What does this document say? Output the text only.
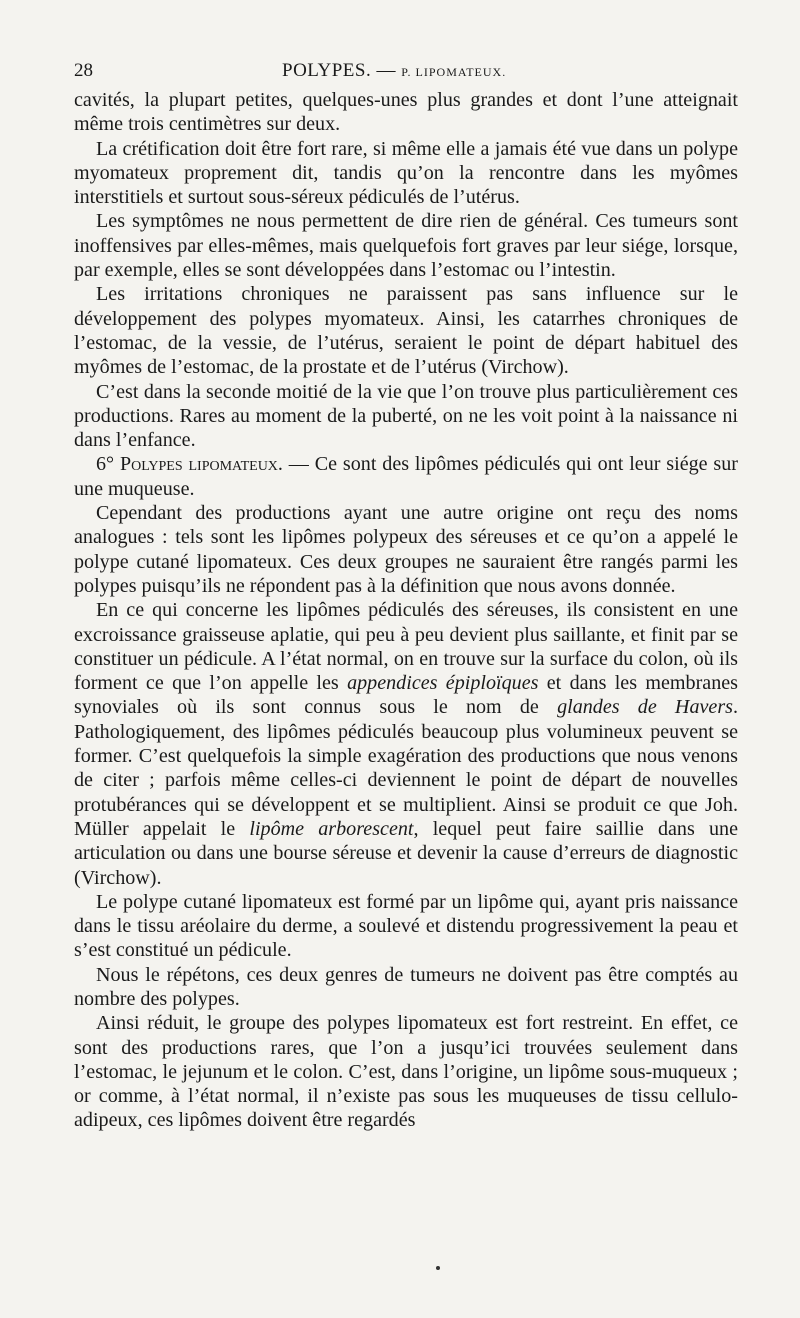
28	POLYPES. — P. LIPOMATEUX.

cavités, la plupart petites, quelques-unes plus grandes et dont l’une atteignait même trois centimètres sur deux.

La crétification doit être fort rare, si même elle a jamais été vue dans un polype myomateux proprement dit, tandis qu’on la rencontre dans les myômes interstitiels et surtout sous-séreux pédiculés de l’utérus.

Les symptômes ne nous permettent de dire rien de général. Ces tumeurs sont inoffensives par elles-mêmes, mais quelquefois fort graves par leur siége, lorsque, par exemple, elles se sont développées dans l’estomac ou l’intestin.

Les irritations chroniques ne paraissent pas sans influence sur le développement des polypes myomateux. Ainsi, les catarrhes chroniques de l’estomac, de la vessie, de l’utérus, seraient le point de départ habituel des myômes de l’estomac, de la prostate et de l’utérus (Virchow).

C’est dans la seconde moitié de la vie que l’on trouve plus particulièrement ces productions. Rares au moment de la puberté, on ne les voit point à la naissance ni dans l’enfance.

6° Polypes lipomateux. — Ce sont des lipômes pédiculés qui ont leur siége sur une muqueuse.

Cependant des productions ayant une autre origine ont reçu des noms analogues : tels sont les lipômes polypeux des séreuses et ce qu’on a appelé le polype cutané lipomateux. Ces deux groupes ne sauraient être rangés parmi les polypes puisqu’ils ne répondent pas à la définition que nous avons donnée.

En ce qui concerne les lipômes pédiculés des séreuses, ils consistent en une excroissance graisseuse aplatie, qui peu à peu devient plus saillante, et finit par se constituer un pédicule. A l’état normal, on en trouve sur la surface du colon, où ils forment ce que l’on appelle les appendices épiploïques et dans les membranes synoviales où ils sont connus sous le nom de glandes de Havers. Pathologiquement, des lipômes pédiculés beaucoup plus volumineux peuvent se former. C’est quelquefois la simple exagération des productions que nous venons de citer ; parfois même celles-ci deviennent le point de départ de nouvelles protubérances qui se développent et se multiplient. Ainsi se produit ce que Joh. Müller appelait le lipôme arborescent, lequel peut faire saillie dans une articulation ou dans une bourse séreuse et devenir la cause d’erreurs de diagnostic (Virchow).

Le polype cutané lipomateux est formé par un lipôme qui, ayant pris naissance dans le tissu aréolaire du derme, a soulevé et distendu progressivement la peau et s’est constitué un pédicule.

Nous le répétons, ces deux genres de tumeurs ne doivent pas être comptés au nombre des polypes.

Ainsi réduit, le groupe des polypes lipomateux est fort restreint. En effet, ce sont des productions rares, que l’on a jusqu’ici trouvées seulement dans l’estomac, le jejunum et le colon. C’est, dans l’origine, un lipôme sous-muqueux ; or comme, à l’état normal, il n’existe pas sous les muqueuses de tissu cellulo-adipeux, ces lipômes doivent être regardés
